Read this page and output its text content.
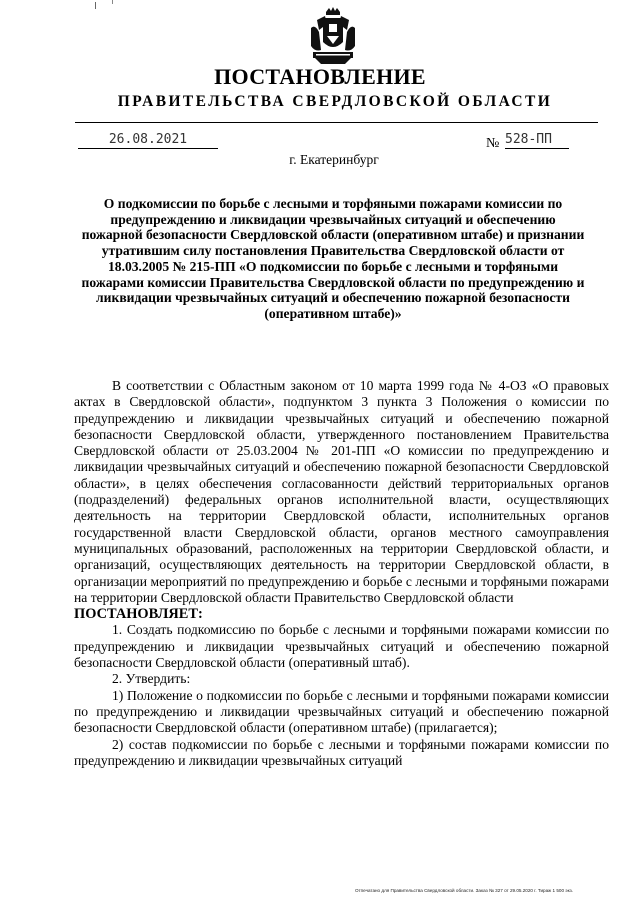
ПОСТАНОВЛЕНИЕ
ПРАВИТЕЛЬСТВА СВЕРДЛОВСКОЙ ОБЛАСТИ
26.08.2021	№ 528-ПП
г. Екатеринбург
О подкомиссии по борьбе с лесными и торфяными пожарами комиссии по предупреждению и ликвидации чрезвычайных ситуаций и обеспечению пожарной безопасности Свердловской области (оперативном штабе) и признании утратившим силу постановления Правительства Свердловской области от 18.03.2005 № 215-ПП «О подкомиссии по борьбе с лесными и торфяными пожарами комиссии Правительства Свердловской области по предупреждению и ликвидации чрезвычайных ситуаций и обеспечению пожарной безопасности (оперативном штабе)»

В соответствии с Областным законом от 10 марта 1999 года № 4-ОЗ «О правовых актах в Свердловской области», подпунктом 3 пункта 3 Положения о комиссии по предупреждению и ликвидации чрезвычайных ситуаций и обеспечению пожарной безопасности Свердловской области, утвержденного постановлением Правительства Свердловской области от 25.03.2004 № 201-ПП «О комиссии по предупреждению и ликвидации чрезвычайных ситуаций и обеспечению пожарной безопасности Свердловской области», в целях обеспечения согласованности действий территориальных органов (подразделений) федеральных органов исполнительной власти, осуществляющих деятельность на территории Свердловской области, исполнительных органов государственной власти Свердловской области, органов местного самоуправления муниципальных образований, расположенных на территории Свердловской области, и организаций, осуществляющих деятельность на территории Свердловской области, в организации мероприятий по предупреждению и борьбе с лесными и торфяными пожарами на территории Свердловской области Правительство Свердловской области

ПОСТАНОВЛЯЕТ:

1. Создать подкомиссию по борьбе с лесными и торфяными пожарами комиссии по предупреждению и ликвидации чрезвычайных ситуаций и обеспечению пожарной безопасности Свердловской области (оперативный штаб).

2. Утвердить:

1) Положение о подкомиссии по борьбе с лесными и торфяными пожарами комиссии по предупреждению и ликвидации чрезвычайных ситуаций и обеспечению пожарной безопасности Свердловской области (оперативном штабе) (прилагается);

2) состав подкомиссии по борьбе с лесными и торфяными пожарами комиссии по предупреждению и ликвидации чрезвычайных ситуаций

Отпечатано для Правительства Свердловской области. Заказ № 327 от 29.05.2020 г. Тираж 1 500 экз.
